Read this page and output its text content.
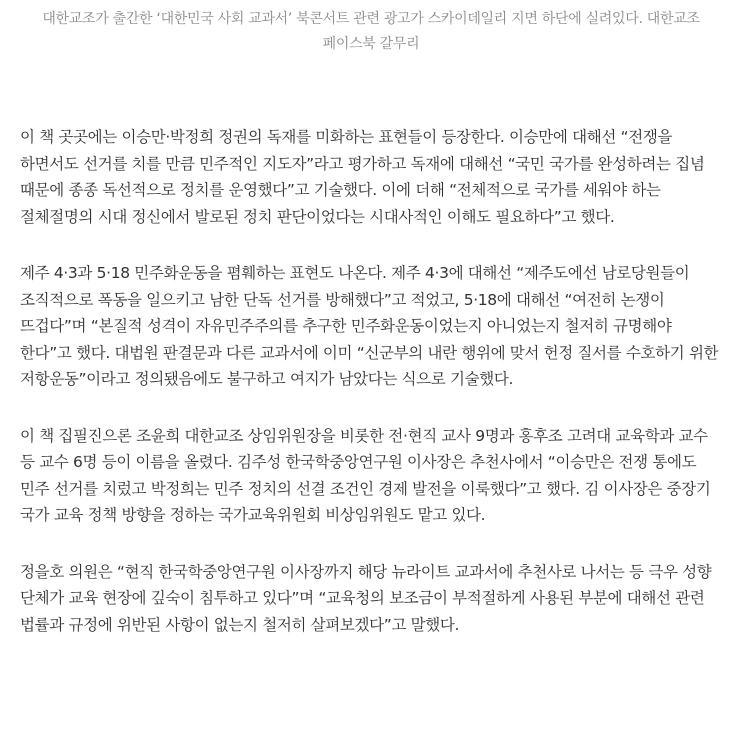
대한교조가 출간한 ‘대한민국 사회 교과서’ 북콘서트 관련 광고가 스카이데일리 지면 하단에 실려있다. 대한교조 페이스북 갈무리

이 책 곳곳에는 이승만·박정희 정권의 독재를 미화하는 표현들이 등장한다. 이승만에 대해선 “전쟁을 하면서도 선거를 치를 만큼 민주적인 지도자”라고 평가하고 독재에 대해선 “국민 국가를 완성하려는 집념 때문에 종종 독선적으로 정치를 운영했다”고 기술했다. 이에 더해 “전체적으로 국가를 세워야 하는 절체절명의 시대 정신에서 발로된 정치 판단이었다는 시대사적인 이해도 필요하다”고 했다.

제주 4·3과 5·18 민주화운동을 폄훼하는 표현도 나온다. 제주 4·3에 대해선 “제주도에선 남로당원들이 조직적으로 폭동을 일으키고 남한 단독 선거를 방해했다”고 적었고, 5·18에 대해선 “여전히 논쟁이 뜨겁다”며 “본질적 성격이 자유민주주의를 추구한 민주화운동이었는지 아니었는지 철저히 규명해야 한다”고 했다. 대법원 판결문과 다른 교과서에 이미 “신군부의 내란 행위에 맞서 헌정 질서를 수호하기 위한 저항운동”이라고 정의됐음에도 불구하고 여지가 남았다는 식으로 기술했다.

이 책 집필진으론 조윤희 대한교조 상임위원장을 비롯한 전·현직 교사 9명과 홍후조 고려대 교육학과 교수 등 교수 6명 등이 이름을 올렸다. 김주성 한국학중앙연구원 이사장은 추천사에서 “이승만은 전쟁 통에도 민주 선거를 치렀고 박정희는 민주 정치의 선결 조건인 경제 발전을 이룩했다”고 했다. 김 이사장은 중장기 국가 교육 정책 방향을 정하는 국가교육위원회 비상임위원도 맡고 있다.

정을호 의원은 “현직 한국학중앙연구원 이사장까지 해당 뉴라이트 교과서에 추천사로 나서는 등 극우 성향 단체가 교육 현장에 깊숙이 침투하고 있다”며 “교육청의 보조금이 부적절하게 사용된 부분에 대해선 관련 법률과 규정에 위반된 사항이 없는지 철저히 살펴보겠다”고 말했다.
